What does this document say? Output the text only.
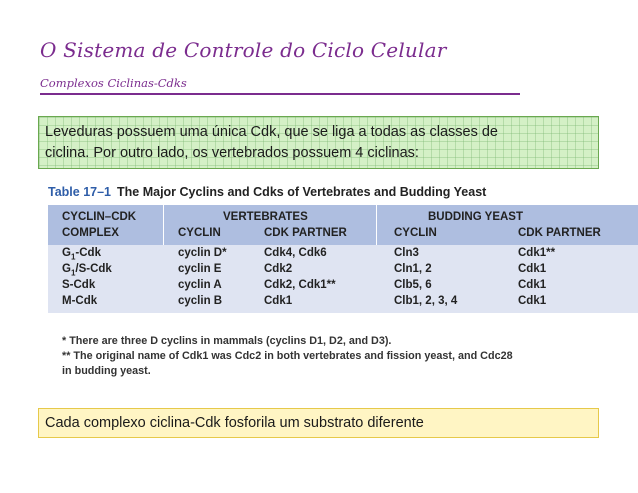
O Sistema de Controle do Ciclo Celular
Complexos Ciclinas-Cdks
Leveduras possuem uma única Cdk, que se liga a todas as classes de
ciclina. Por outro lado, os vertebrados possuem 4 ciclinas:
Table 17–1 The Major Cyclins and Cdks of Vertebrates and Budding Yeast
CYCLIN–CDK
COMPLEX
VERTEBRATES	BUDDING YEAST
CYCLIN	CDK PARTNER	CYCLIN	CDK PARTNER
$G_1$-Cdk	cyclin D*	Cdk4, Cdk6	Cln3	Cdk1**
$G_1/S$-Cdk	cyclin E	Cdk2	Cln1, 2	Cdk1
S-Cdk	cyclin A	Cdk2, Cdk1**	Clb5, 6	Cdk1
M-Cdk	cyclin B	Cdk1	Clb1, 2, 3, 4	Cdk1
* There are three D cyclins in mammals (cyclins D1, D2, and D3).
** The original name of Cdk1 was Cdc2 in both vertebrates and fission yeast, and Cdc28
in budding yeast.
Cada complexo ciclina-Cdk fosforila um substrato diferente
